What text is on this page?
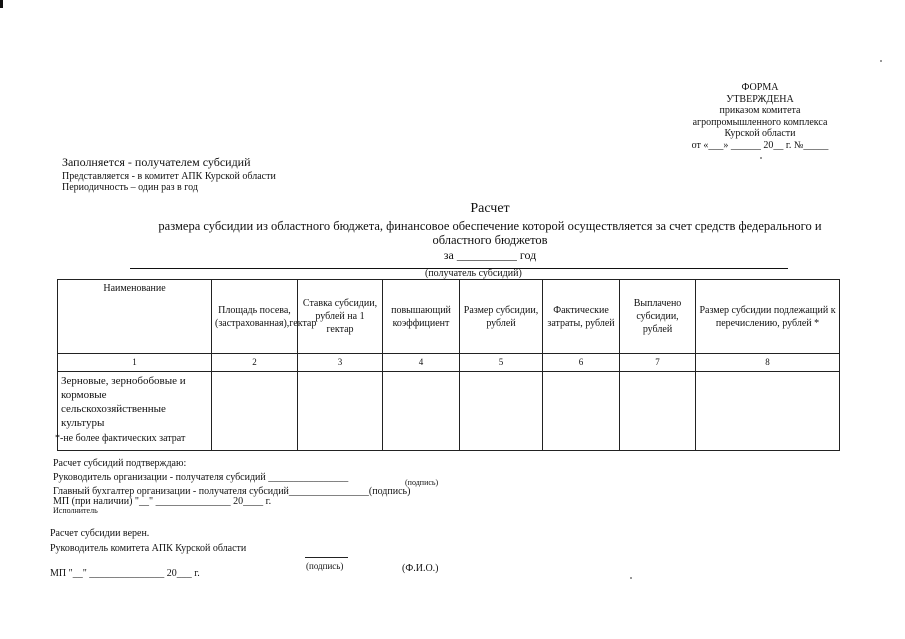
ФОРМА
УТВЕРЖДЕНА
приказом комитета
агропромышленного комплекса
Курской области
от «___» ______ 20__ г. №_____
Заполняется - получателем субсидий
Представляется - в комитет АПК Курской области
Периодичность – один раз в год
Расчет
размера субсидии из областного бюджета, финансовое обеспечение которой осуществляется за счет средств федерального и
областного бюджетов
за __________ год
(получатель субсидий)
Наименование	Площадь посева,(застрахованная),гектар	Ставка субсидии, рублей на 1 гектар	повышающий коэффициент	Размер субсидии, рублей	Фактические затраты, рублей	Выплачено субсидии, рублей	Размер субсидии подлежащий к перечислению, рублей *
1	2	3	4	5	6	7	8
Зерновые, зернобобовые и кормовые сельскохозяйственные культуры							
*-не более фактических затрат
Расчет субсидий подтверждаю:
Руководитель организации - получателя субсидий ________________	(подпись)
Главный бухгалтер организации - получателя субсидий________________(подпись)
МП (при наличии) "__" _______________ 20____ г.
Исполнитель
Расчет субсидии верен.
Руководитель комитета АПК Курской области
(подпись)	(Ф.И.О.)
МП "__" _______________ 20___ г.
